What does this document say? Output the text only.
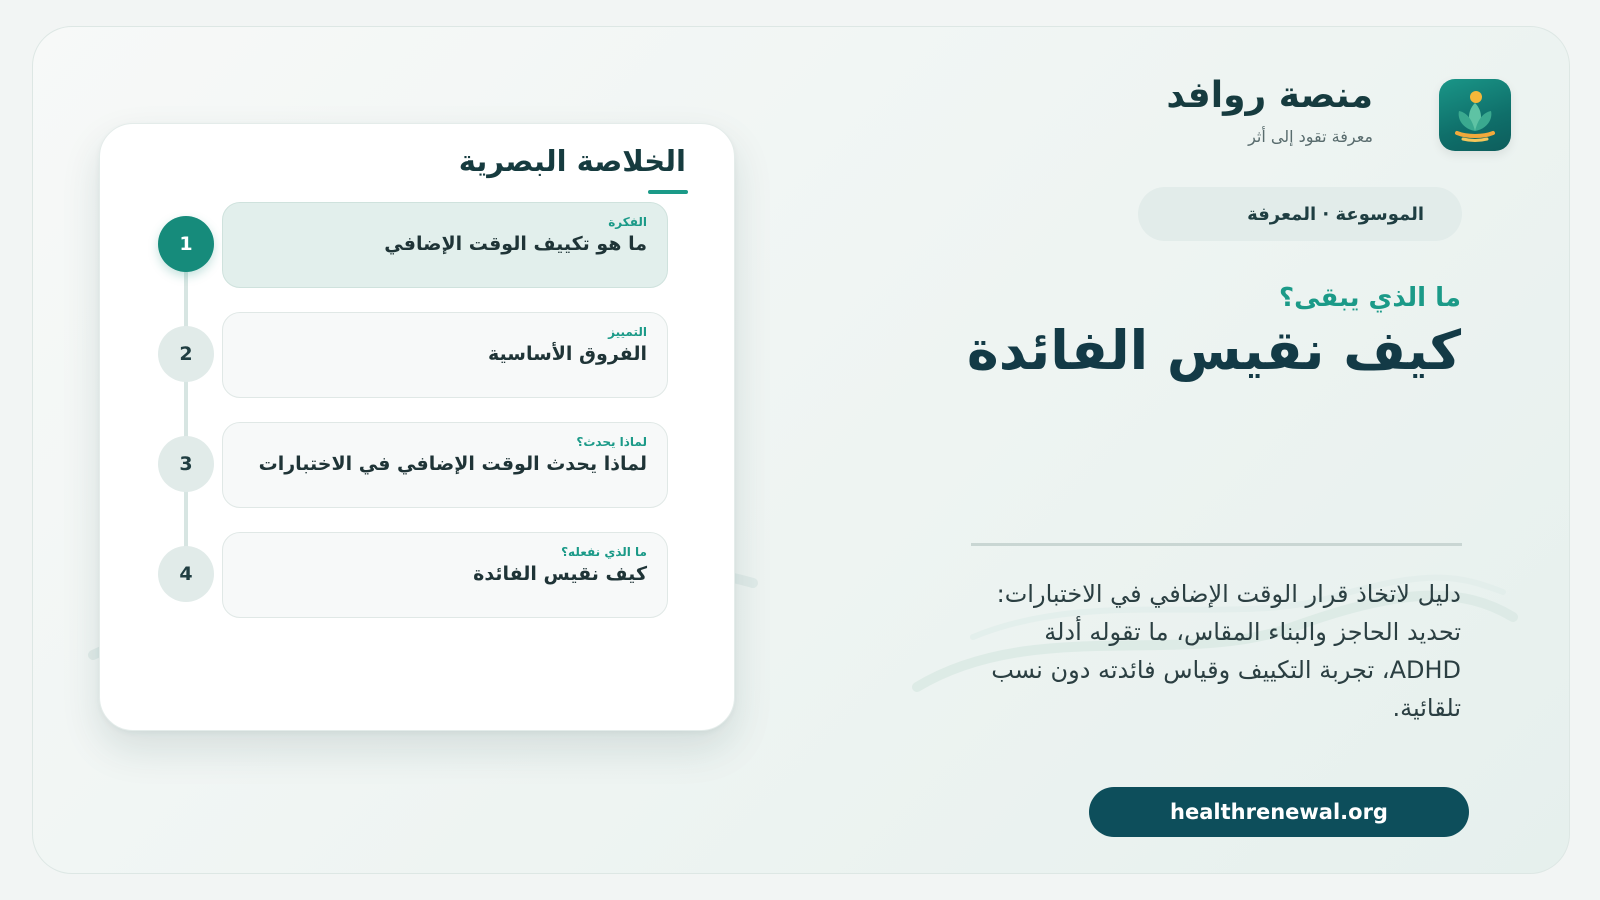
منصة روافد
معرفة تقود إلى أثر
الموسوعة · المعرفة
ما الذي يبقى؟
كيف نقيس الفائدة
دليل لاتخاذ قرار الوقت الإضافي في الاختبارات: تحديد الحاجز والبناء المقاس، ما تقوله أدلة ADHD، تجربة التكييف وقياس فائدته دون نسب تلقائية.
healthrenewal.org
الخلاصة البصرية
1
الفكرة
ما هو تكييف الوقت الإضافي
2
التمييز
الفروق الأساسية
3
لماذا يحدث؟
لماذا يحدث الوقت الإضافي في الاختبارات
4
ما الذي نفعله؟
كيف نقيس الفائدة
